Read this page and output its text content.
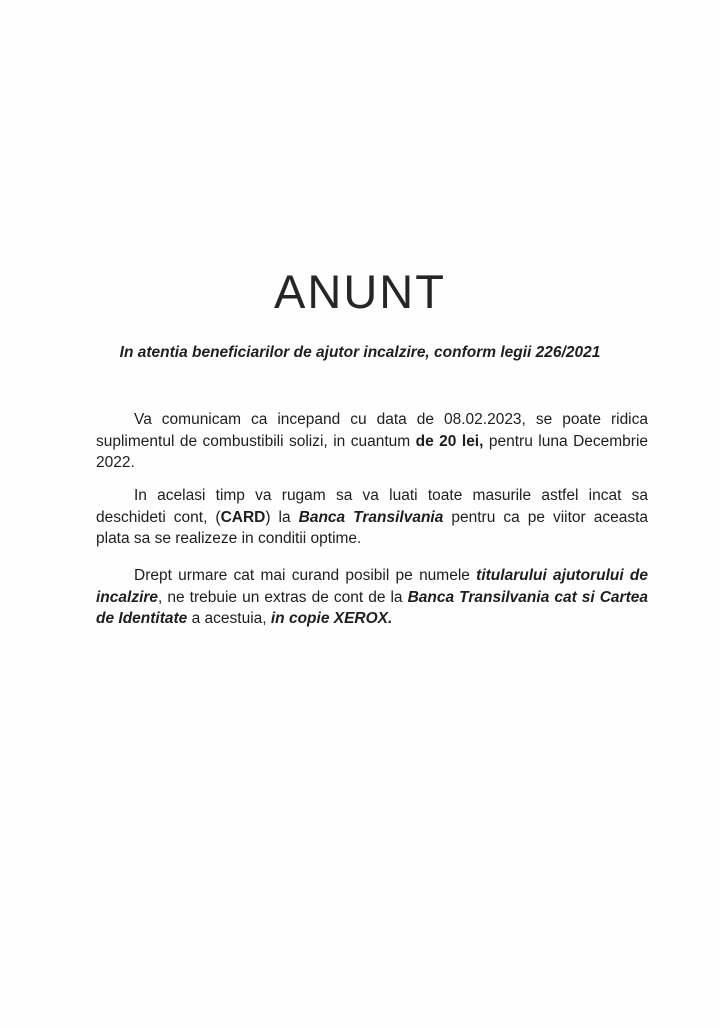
ANUNT

In atentia beneficiarilor de ajutor incalzire, conform legii 226/2021

Va comunicam ca incepand cu data de 08.02.2023, se poate ridica suplimentul de combustibili solizi, in cuantum de 20 lei, pentru luna Decembrie 2022.

In acelasi timp va rugam sa va luati toate masurile astfel incat sa deschideti cont, (CARD) la Banca Transilvania pentru ca pe viitor aceasta plata sa se realizeze in conditii optime.

Drept urmare cat mai curand posibil pe numele titularului ajutorului de incalzire, ne trebuie un extras de cont de la Banca Transilvania cat si Cartea de Identitate a acestuia, in copie XEROX.
